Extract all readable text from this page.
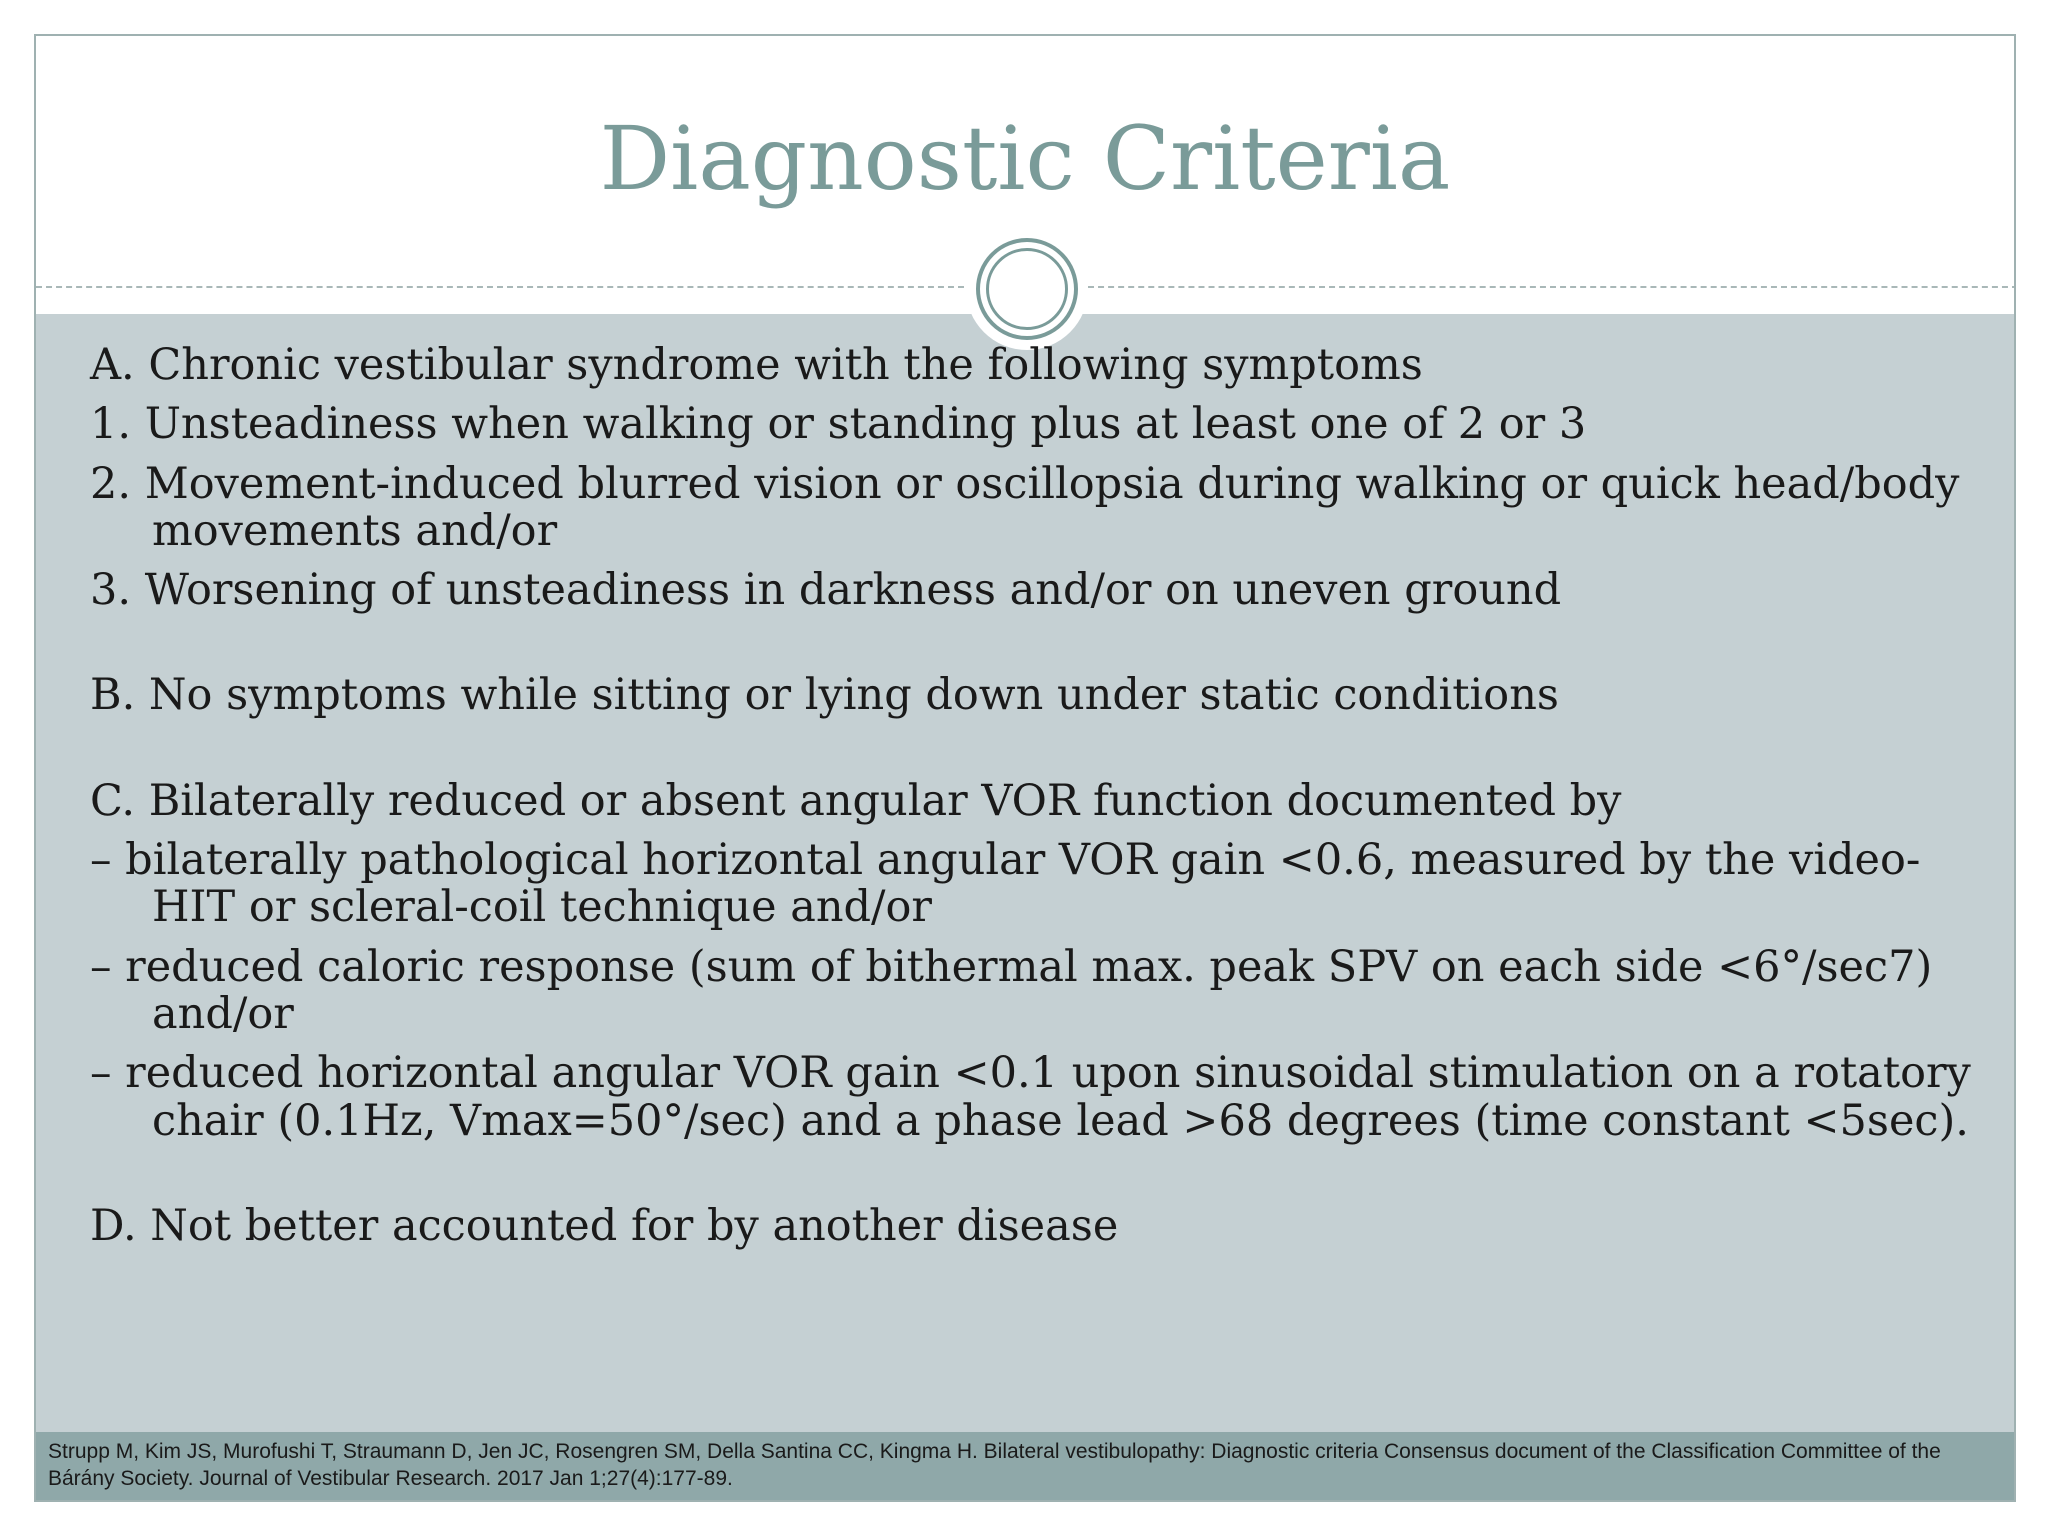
Diagnostic Criteria

A. Chronic vestibular syndrome with the following symptoms

1. Unsteadiness when walking or standing plus at least one of 2 or 3

2. Movement-induced blurred vision or oscillopsia during walking or quick head/body movements and/or

3. Worsening of unsteadiness in darkness and/or on uneven ground

B. No symptoms while sitting or lying down under static conditions

C. Bilaterally reduced or absent angular VOR function documented by

– bilaterally pathological horizontal angular VOR gain <0.6, measured by the video-HIT or scleral-coil technique and/or

– reduced caloric response (sum of bithermal max. peak SPV on each side <6°/sec7) and/or

– reduced horizontal angular VOR gain <0.1 upon sinusoidal stimulation on a rotatory chair (0.1Hz, Vmax=50°/sec) and a phase lead >68 degrees (time constant <5sec).

D. Not better accounted for by another disease

Strupp M, Kim JS, Murofushi T, Straumann D, Jen JC, Rosengren SM, Della Santina CC, Kingma H. Bilateral vestibulopathy: Diagnostic criteria Consensus document of the Classification Committee of the Bárány Society. Journal of Vestibular Research. 2017 Jan 1;27(4):177-89.
